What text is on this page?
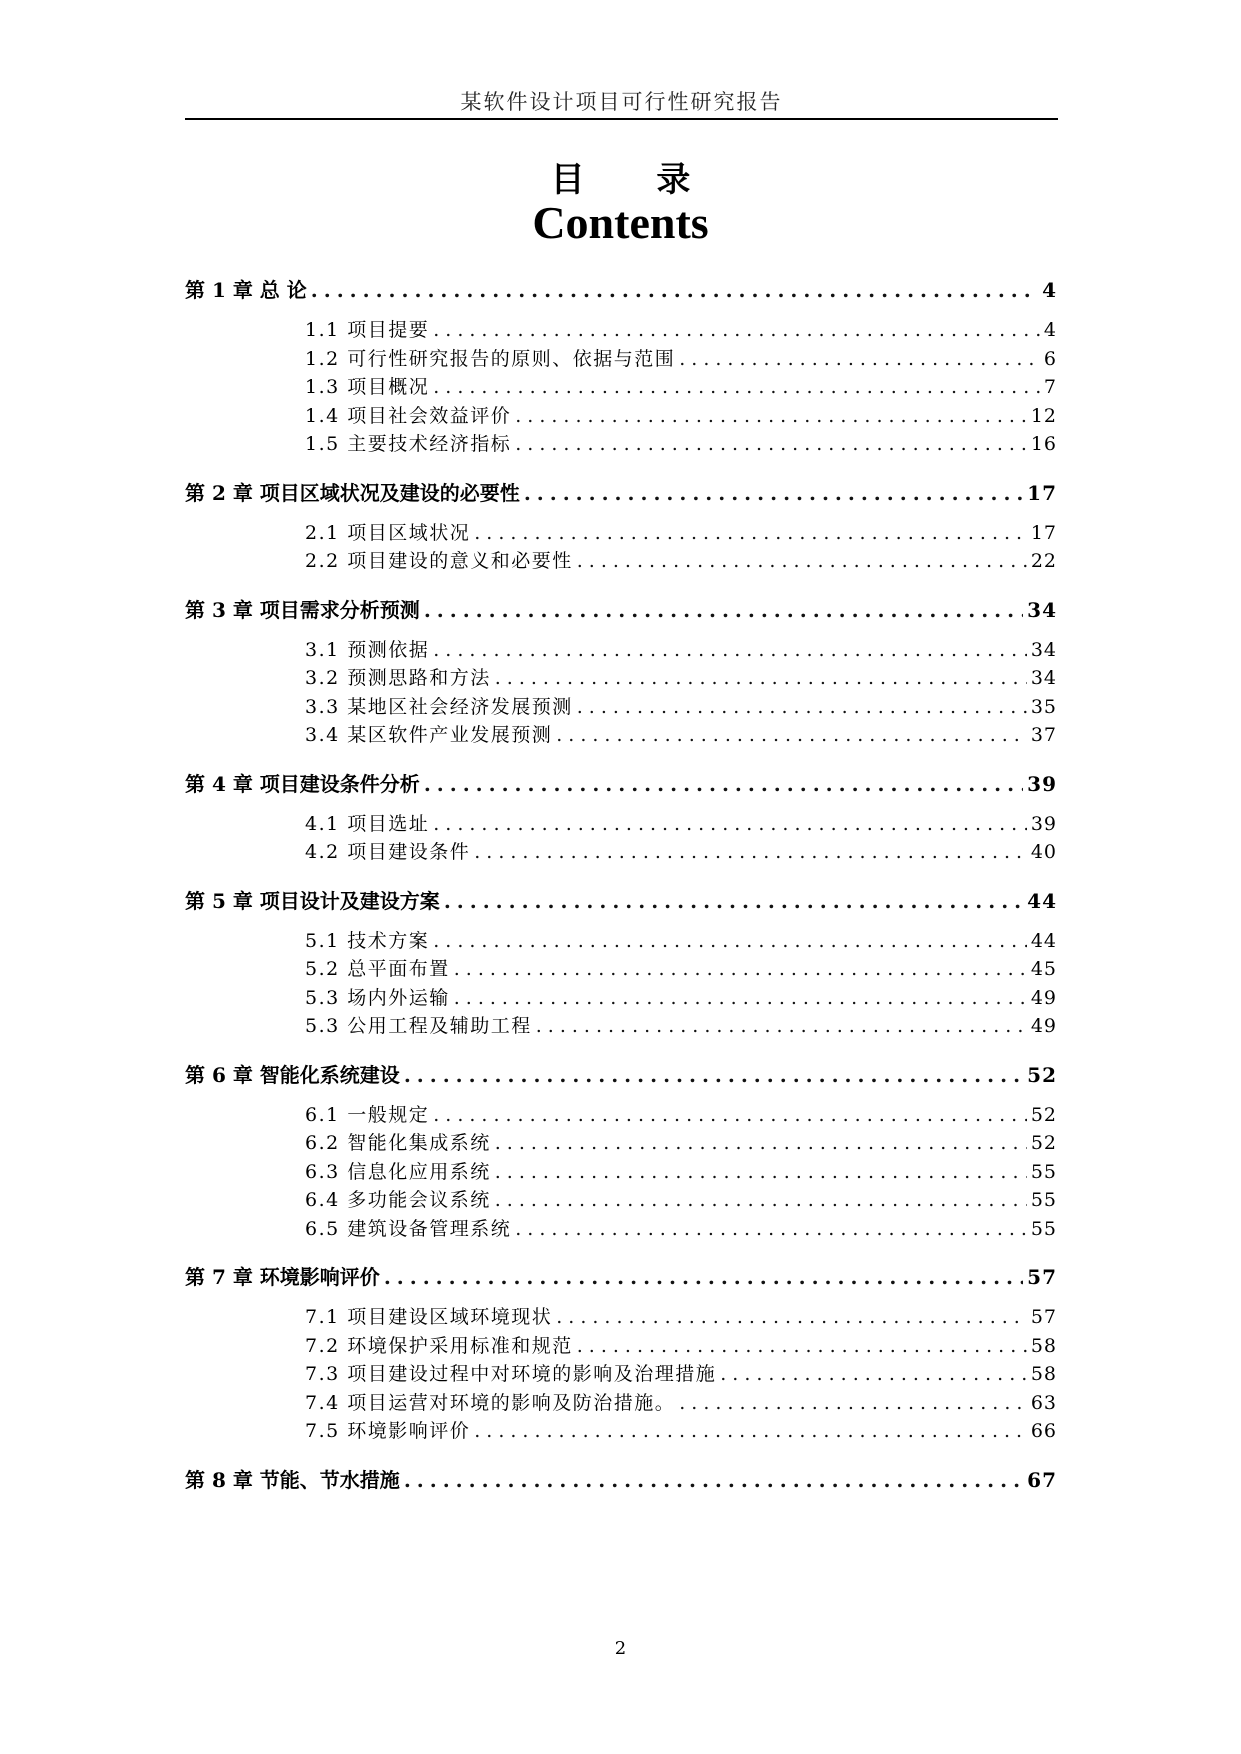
某软件设计项目可行性研究报告
目 录
Contents
第 1 章 总 论 .....	4
1.1 项目提要 .....	4
1.2 可行性研究报告的原则、依据与范围 .....	6
1.3 项目概况 .....	7
1.4 项目社会效益评价 .....	12
1.5 主要技术经济指标 .....	16
第 2 章 项目区域状况及建设的必要性 .....	17
2.1 项目区域状况 .....	17
2.2 项目建设的意义和必要性 .....	22
第 3 章 项目需求分析预测 .....	34
3.1 预测依据 .....	34
3.2 预测思路和方法 .....	34
3.3 某地区社会经济发展预测 .....	35
3.4 某区软件产业发展预测 .....	37
第 4 章 项目建设条件分析 .....	39
4.1 项目选址 .....	39
4.2 项目建设条件 .....	40
第 5 章 项目设计及建设方案 .....	44
5.1 技术方案 .....	44
5.2 总平面布置 .....	45
5.3 场内外运输 .....	49
5.3 公用工程及辅助工程 .....	49
第 6 章 智能化系统建设 .....	52
6.1 一般规定 .....	52
6.2 智能化集成系统 .....	52
6.3 信息化应用系统 .....	55
6.4 多功能会议系统 .....	55
6.5 建筑设备管理系统 .....	55
第 7 章 环境影响评价 .....	57
7.1 项目建设区域环境现状 .....	57
7.2 环境保护采用标准和规范 .....	58
7.3 项目建设过程中对环境的影响及治理措施 .....	58
7.4 项目运营对环境的影响及防治措施。 .....	63
7.5 环境影响评价 .....	66
第 8 章 节能、节水措施 .....	67
2
